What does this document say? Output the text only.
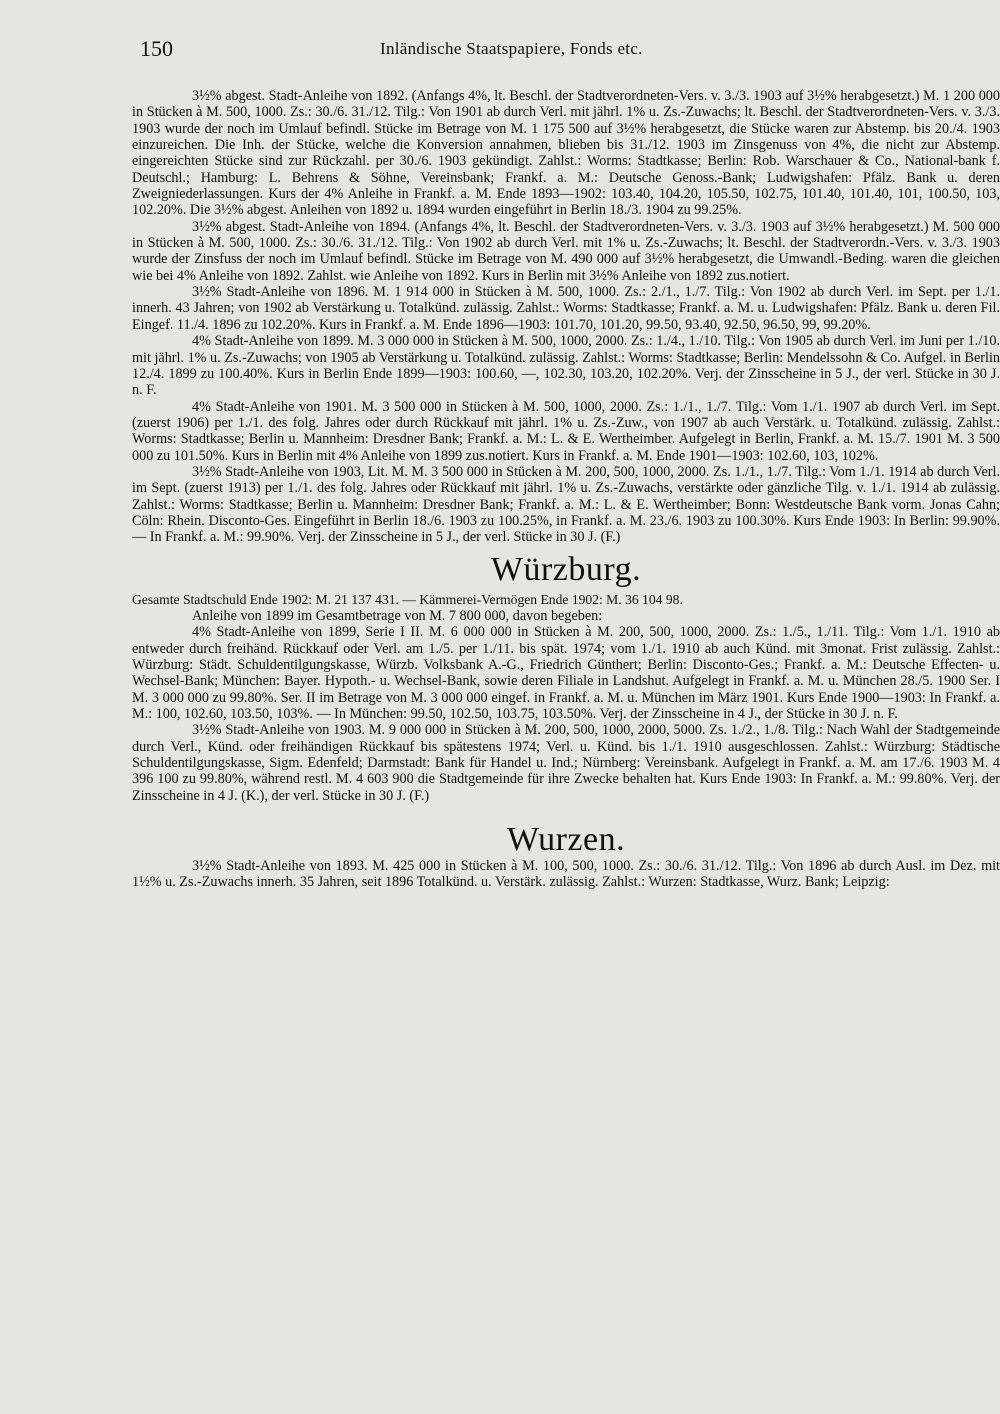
150	Inländische Staatspapiere, Fonds etc.

3½% abgest. Stadt-Anleihe von 1892. (Anfangs 4%, lt. Beschl. der Stadtverordneten-Vers. v. 3./3. 1903 auf 3½% herabgesetzt.) M. 1 200 000 in Stücken à M. 500, 1000. Zs.: 30./6. 31./12. Tilg.: Von 1901 ab durch Verl. mit jährl. 1% u. Zs.-Zuwachs; lt. Beschl. der Stadtverordneten-Vers. v. 3./3. 1903 wurde der noch im Umlauf befindl. Stücke im Betrage von M. 1 175 500 auf 3½% herabgesetzt, die Stücke waren zur Abstemp. bis 20./4. 1903 einzureichen. Die Inh. der Stücke, welche die Konversion annahmen, blieben bis 31./12. 1903 im Zinsgenuss von 4%, die nicht zur Abstemp. eingereichten Stücke sind zur Rückzahl. per 30./6. 1903 gekündigt. Zahlst.: Worms: Stadtkasse; Berlin: Rob. Warschauer & Co., National-bank f. Deutschl.; Hamburg: L. Behrens & Söhne, Vereinsbank; Frankf. a. M.: Deutsche Genoss.-Bank; Ludwigshafen: Pfälz. Bank u. deren Zweigniederlassungen. Kurs der 4% Anleihe in Frankf. a. M. Ende 1893—1902: 103.40, 104.20, 105.50, 102.75, 101.40, 101.40, 101, 100.50, 103, 102.20%. Die 3½% abgest. Anleihen von 1892 u. 1894 wurden eingeführt in Berlin 18./3. 1904 zu 99.25%.

3½% abgest. Stadt-Anleihe von 1894. (Anfangs 4%, lt. Beschl. der Stadtverordneten-Vers. v. 3./3. 1903 auf 3½% herabgesetzt.) M. 500 000 in Stücken à M. 500, 1000. Zs.: 30./6. 31./12. Tilg.: Von 1902 ab durch Verl. mit 1% u. Zs.-Zuwachs; lt. Beschl. der Stadtverordn.-Vers. v. 3./3. 1903 wurde der Zinsfuss der noch im Umlauf befindl. Stücke im Betrage von M. 490 000 auf 3½% herabgesetzt, die Umwandl.-Beding. waren die gleichen wie bei 4% Anleihe von 1892. Zahlst. wie Anleihe von 1892. Kurs in Berlin mit 3½% Anleihe von 1892 zus.notiert.

3½% Stadt-Anleihe von 1896. M. 1 914 000 in Stücken à M. 500, 1000. Zs.: 2./1., 1./7. Tilg.: Von 1902 ab durch Verl. im Sept. per 1./1. innerh. 43 Jahren; von 1902 ab Verstärkung u. Totalkünd. zulässig. Zahlst.: Worms: Stadtkasse; Frankf. a. M. u. Ludwigshafen: Pfälz. Bank u. deren Fil. Eingef. 11./4. 1896 zu 102.20%. Kurs in Frankf. a. M. Ende 1896—1903: 101.70, 101.20, 99.50, 93.40, 92.50, 96.50, 99, 99.20%.

4% Stadt-Anleihe von 1899. M. 3 000 000 in Stücken à M. 500, 1000, 2000. Zs.: 1./4., 1./10. Tilg.: Von 1905 ab durch Verl. im Juni per 1./10. mit jährl. 1% u. Zs.-Zuwachs; von 1905 ab Verstärkung u. Totalkünd. zulässig. Zahlst.: Worms: Stadtkasse; Berlin: Mendelssohn & Co. Aufgel. in Berlin 12./4. 1899 zu 100.40%. Kurs in Berlin Ende 1899—1903: 100.60, —, 102.30, 103.20, 102.20%. Verj. der Zinsscheine in 5 J., der verl. Stücke in 30 J. n. F.

4% Stadt-Anleihe von 1901. M. 3 500 000 in Stücken à M. 500, 1000, 2000. Zs.: 1./1., 1./7. Tilg.: Vom 1./1. 1907 ab durch Verl. im Sept. (zuerst 1906) per 1./1. des folg. Jahres oder durch Rückkauf mit jährl. 1% u. Zs.-Zuw., von 1907 ab auch Verstärk. u. Totalkünd. zulässig. Zahlst.: Worms: Stadtkasse; Berlin u. Mannheim: Dresdner Bank; Frankf. a. M.: L. & E. Wertheimber. Aufgelegt in Berlin, Frankf. a. M. 15./7. 1901 M. 3 500 000 zu 101.50%. Kurs in Berlin mit 4% Anleihe von 1899 zus.notiert. Kurs in Frankf. a. M. Ende 1901—1903: 102.60, 103, 102%.

3½% Stadt-Anleihe von 1903, Lit. M. M. 3 500 000 in Stücken à M. 200, 500, 1000, 2000. Zs. 1./1., 1./7. Tilg.: Vom 1./1. 1914 ab durch Verl. im Sept. (zuerst 1913) per 1./1. des folg. Jahres oder Rückkauf mit jährl. 1% u. Zs.-Zuwachs, verstärkte oder gänzliche Tilg. v. 1./1. 1914 ab zulässig. Zahlst.: Worms: Stadtkasse; Berlin u. Mannheim: Dresdner Bank; Frankf. a. M.: L. & E. Wertheimber; Bonn: Westdeutsche Bank vorm. Jonas Cahn; Cöln: Rhein. Disconto-Ges. Eingeführt in Berlin 18./6. 1903 zu 100.25%, in Frankf. a. M. 23./6. 1903 zu 100.30%. Kurs Ende 1903: In Berlin: 99.90%. — In Frankf. a. M.: 99.90%. Verj. der Zinsscheine in 5 J., der verl. Stücke in 30 J. (F.)

Würzburg.

Gesamte Stadtschuld Ende 1902: M. 21 137 431. — Kämmerei-Vermögen Ende 1902: M. 36 104 98.

Anleihe von 1899 im Gesamtbetrage von M. 7 800 000, davon begeben:

4% Stadt-Anleihe von 1899, Serie I II. M. 6 000 000 in Stücken à M. 200, 500, 1000, 2000. Zs.: 1./5., 1./11. Tilg.: Vom 1./1. 1910 ab entweder durch freihänd. Rückkauf oder Verl. am 1./5. per 1./11. bis spät. 1974; vom 1./1. 1910 ab auch Künd. mit 3monat. Frist zulässig. Zahlst.: Würzburg: Städt. Schuldentilgungskasse, Würzb. Volksbank A.-G., Friedrich Günthert; Berlin: Disconto-Ges.; Frankf. a. M.: Deutsche Effecten- u. Wechsel-Bank; München: Bayer. Hypoth.- u. Wechsel-Bank, sowie deren Filiale in Landshut. Aufgelegt in Frankf. a. M. u. München 28./5. 1900 Ser. I M. 3 000 000 zu 99.80%. Ser. II im Betrage von M. 3 000 000 eingef. in Frankf. a. M. u. München im März 1901. Kurs Ende 1900—1903: In Frankf. a. M.: 100, 102.60, 103.50, 103%. — In München: 99.50, 102.50, 103.75, 103.50%. Verj. der Zinsscheine in 4 J., der Stücke in 30 J. n. F.

3½% Stadt-Anleihe von 1903. M. 9 000 000 in Stücken à M. 200, 500, 1000, 2000, 5000. Zs. 1./2., 1./8. Tilg.: Nach Wahl der Stadtgemeinde durch Verl., Künd. oder freihändigen Rückkauf bis spätestens 1974; Verl. u. Künd. bis 1./1. 1910 ausgeschlossen. Zahlst.: Würzburg: Städtische Schuldentilgungskasse, Sigm. Edenfeld; Darmstadt: Bank für Handel u. Ind.; Nürnberg: Vereinsbank. Aufgelegt in Frankf. a. M. am 17./6. 1903 M. 4 396 100 zu 99.80%, während restl. M. 4 603 900 die Stadtgemeinde für ihre Zwecke behalten hat. Kurs Ende 1903: In Frankf. a. M.: 99.80%. Verj. der Zinsscheine in 4 J. (K.), der verl. Stücke in 30 J. (F.)

Wurzen.

3½% Stadt-Anleihe von 1893. M. 425 000 in Stücken à M. 100, 500, 1000. Zs.: 30./6. 31./12. Tilg.: Von 1896 ab durch Ausl. im Dez. mit 1½% u. Zs.-Zuwachs innerh. 35 Jahren, seit 1896 Totalkünd. u. Verstärk. zulässig. Zahlst.: Wurzen: Stadtkasse, Wurz. Bank; Leipzig:
